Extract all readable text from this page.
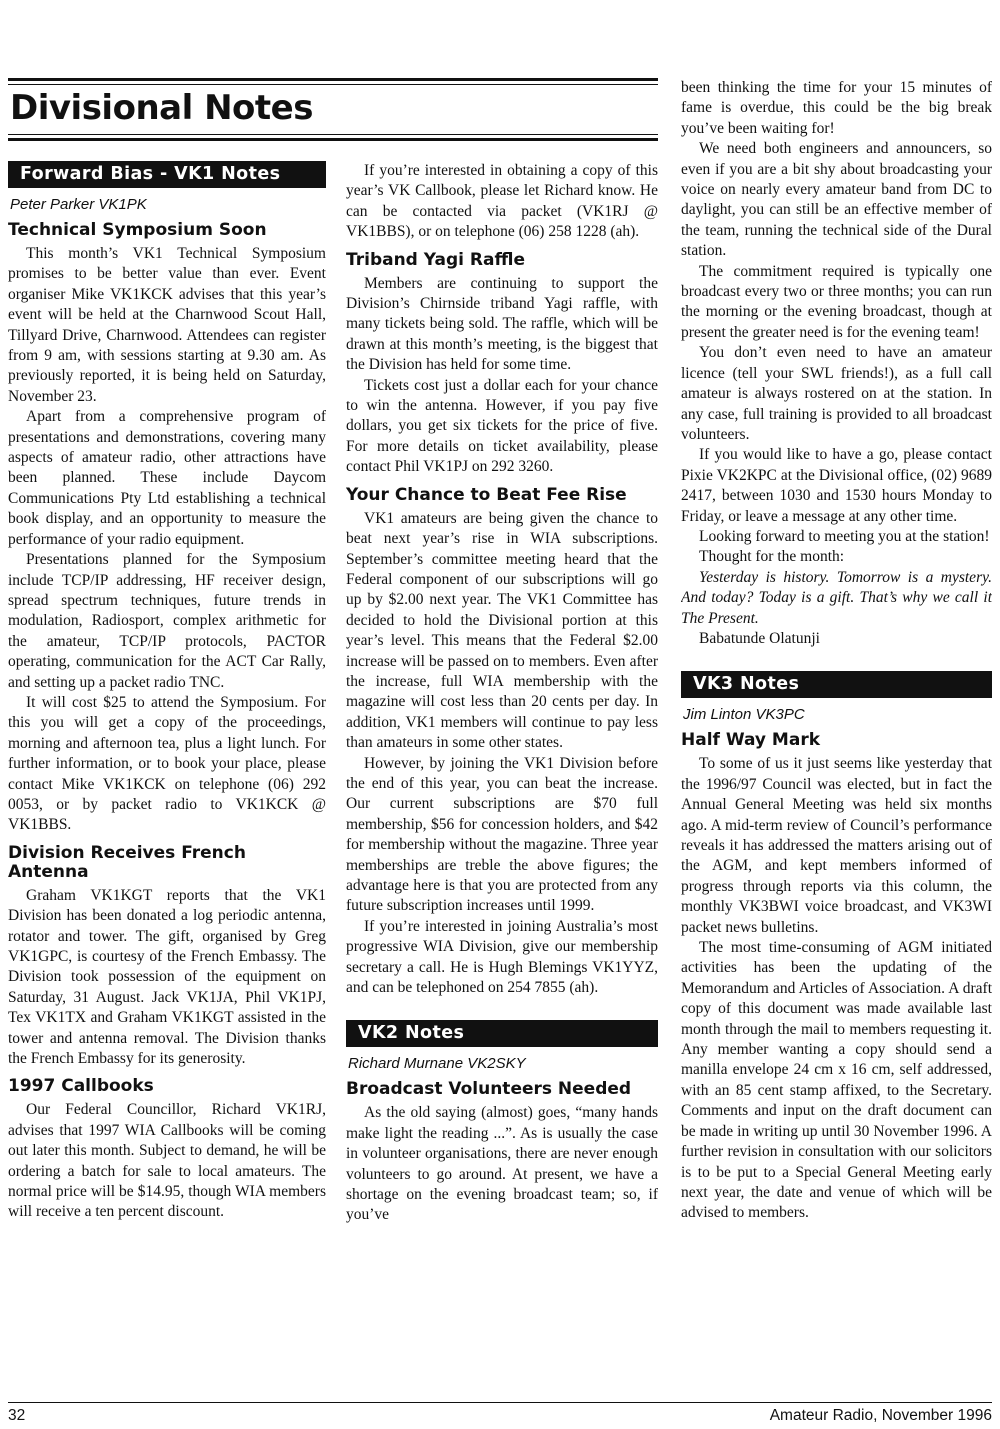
Divisional Notes
Forward Bias - VK1 Notes
Peter Parker VK1PK
Technical Symposium Soon

This month’s VK1 Technical Symposium promises to be better value than ever. Event organiser Mike VK1KCK advises that this year’s event will be held at the Charnwood Scout Hall, Tillyard Drive, Charnwood. Attendees can register from 9 am, with sessions starting at 9.30 am. As previously reported, it is being held on Saturday, November 23.

Apart from a comprehensive program of presentations and demonstrations, covering many aspects of amateur radio, other attractions have been planned. These include Daycom Communications Pty Ltd establishing a technical book display, and an opportunity to measure the performance of your radio equipment.

Presentations planned for the Symposium include TCP/IP addressing, HF receiver design, spread spectrum techniques, future trends in modulation, Radiosport, complex arithmetic for the amateur, TCP/IP protocols, PACTOR operating, communication for the ACT Car Rally, and setting up a packet radio TNC.

It will cost $25 to attend the Symposium. For this you will get a copy of the proceedings, morning and afternoon tea, plus a light lunch. For further information, or to book your place, please contact Mike VK1KCK on telephone (06) 292 0053, or by packet radio to VK1KCK @ VK1BBS.

Division Receives French Antenna

Graham VK1KGT reports that the VK1 Division has been donated a log periodic antenna, rotator and tower. The gift, organised by Greg VK1GPC, is courtesy of the French Embassy. The Division took possession of the equipment on Saturday, 31 August. Jack VK1JA, Phil VK1PJ, Tex VK1TX and Graham VK1KGT assisted in the tower and antenna removal. The Division thanks the French Embassy for its generosity.

1997 Callbooks

Our Federal Councillor, Richard VK1RJ, advises that 1997 WIA Callbooks will be coming out later this month. Subject to demand, he will be ordering a batch for sale to local amateurs. The normal price will be $14.95, though WIA members will receive a ten percent discount.

If you’re interested in obtaining a copy of this year’s VK Callbook, please let Richard know. He can be contacted via packet (VK1RJ @ VK1BBS), or on telephone (06) 258 1228 (ah).

Triband Yagi Raffle

Members are continuing to support the Division’s Chirnside triband Yagi raffle, with many tickets being sold. The raffle, which will be drawn at this month’s meeting, is the biggest that the Division has held for some time.

Tickets cost just a dollar each for your chance to win the antenna. However, if you pay five dollars, you get six tickets for the price of five. For more details on ticket availability, please contact Phil VK1PJ on 292 3260.

Your Chance to Beat Fee Rise

VK1 amateurs are being given the chance to beat next year’s rise in WIA subscriptions. September’s committee meeting heard that the Federal component of our subscriptions will go up by $2.00 next year. The VK1 Committee has decided to hold the Divisional portion at this year’s level. This means that the Federal $2.00 increase will be passed on to members. Even after the increase, full WIA membership with the magazine will cost less than 20 cents per day. In addition, VK1 members will continue to pay less than amateurs in some other states.

However, by joining the VK1 Division before the end of this year, you can beat the increase. Our current subscriptions are $70 full membership, $56 for concession holders, and $42 for membership without the magazine. Three year memberships are treble the above figures; the advantage here is that you are protected from any future subscription increases until 1999.

If you’re interested in joining Australia’s most progressive WIA Division, give our membership secretary a call. He is Hugh Blemings VK1YYZ, and can be telephoned on 254 7855 (ah).

VK2 Notes
Richard Murnane VK2SKY
Broadcast Volunteers Needed

As the old saying (almost) goes, “many hands make light the reading ...”. As is usually the case in volunteer organisations, there are never enough volunteers to go around. At present, we have a shortage on the evening broadcast team; so, if you’ve

been thinking the time for your 15 minutes of fame is overdue, this could be the big break you’ve been waiting for!

We need both engineers and announcers, so even if you are a bit shy about broadcasting your voice on nearly every amateur band from DC to daylight, you can still be an effective member of the team, running the technical side of the Dural station.

The commitment required is typically one broadcast every two or three months; you can run the morning or the evening broadcast, though at present the greater need is for the evening team!

You don’t even need to have an amateur licence (tell your SWL friends!), as a full call amateur is always rostered on at the station. In any case, full training is provided to all broadcast volunteers.

If you would like to have a go, please contact Pixie VK2KPC at the Divisional office, (02) 9689 2417, between 1030 and 1530 hours Monday to Friday, or leave a message at any other time.

Looking forward to meeting you at the station!

Thought for the month:

Yesterday is history. Tomorrow is a mystery. And today? Today is a gift. That’s why we call it The Present.

Babatunde Olatunji

VK3 Notes
Jim Linton VK3PC
Half Way Mark

To some of us it just seems like yesterday that the 1996/97 Council was elected, but in fact the Annual General Meeting was held six months ago. A mid-term review of Council’s performance reveals it has addressed the matters arising out of the AGM, and kept members informed of progress through reports via this column, the monthly VK3BWI voice broadcast, and VK3WI packet news bulletins.

The most time-consuming of AGM initiated activities has been the updating of the Memorandum and Articles of Association. A draft copy of this document was made available last month through the mail to members requesting it. Any member wanting a copy should send a manilla envelope 24 cm x 16 cm, self addressed, with an 85 cent stamp affixed, to the Secretary. Comments and input on the draft document can be made in writing up until 30 November 1996. A further revision in consultation with our solicitors is to be put to a Special General Meeting early next year, the date and venue of which will be advised to members.

32	Amateur Radio, November 1996
